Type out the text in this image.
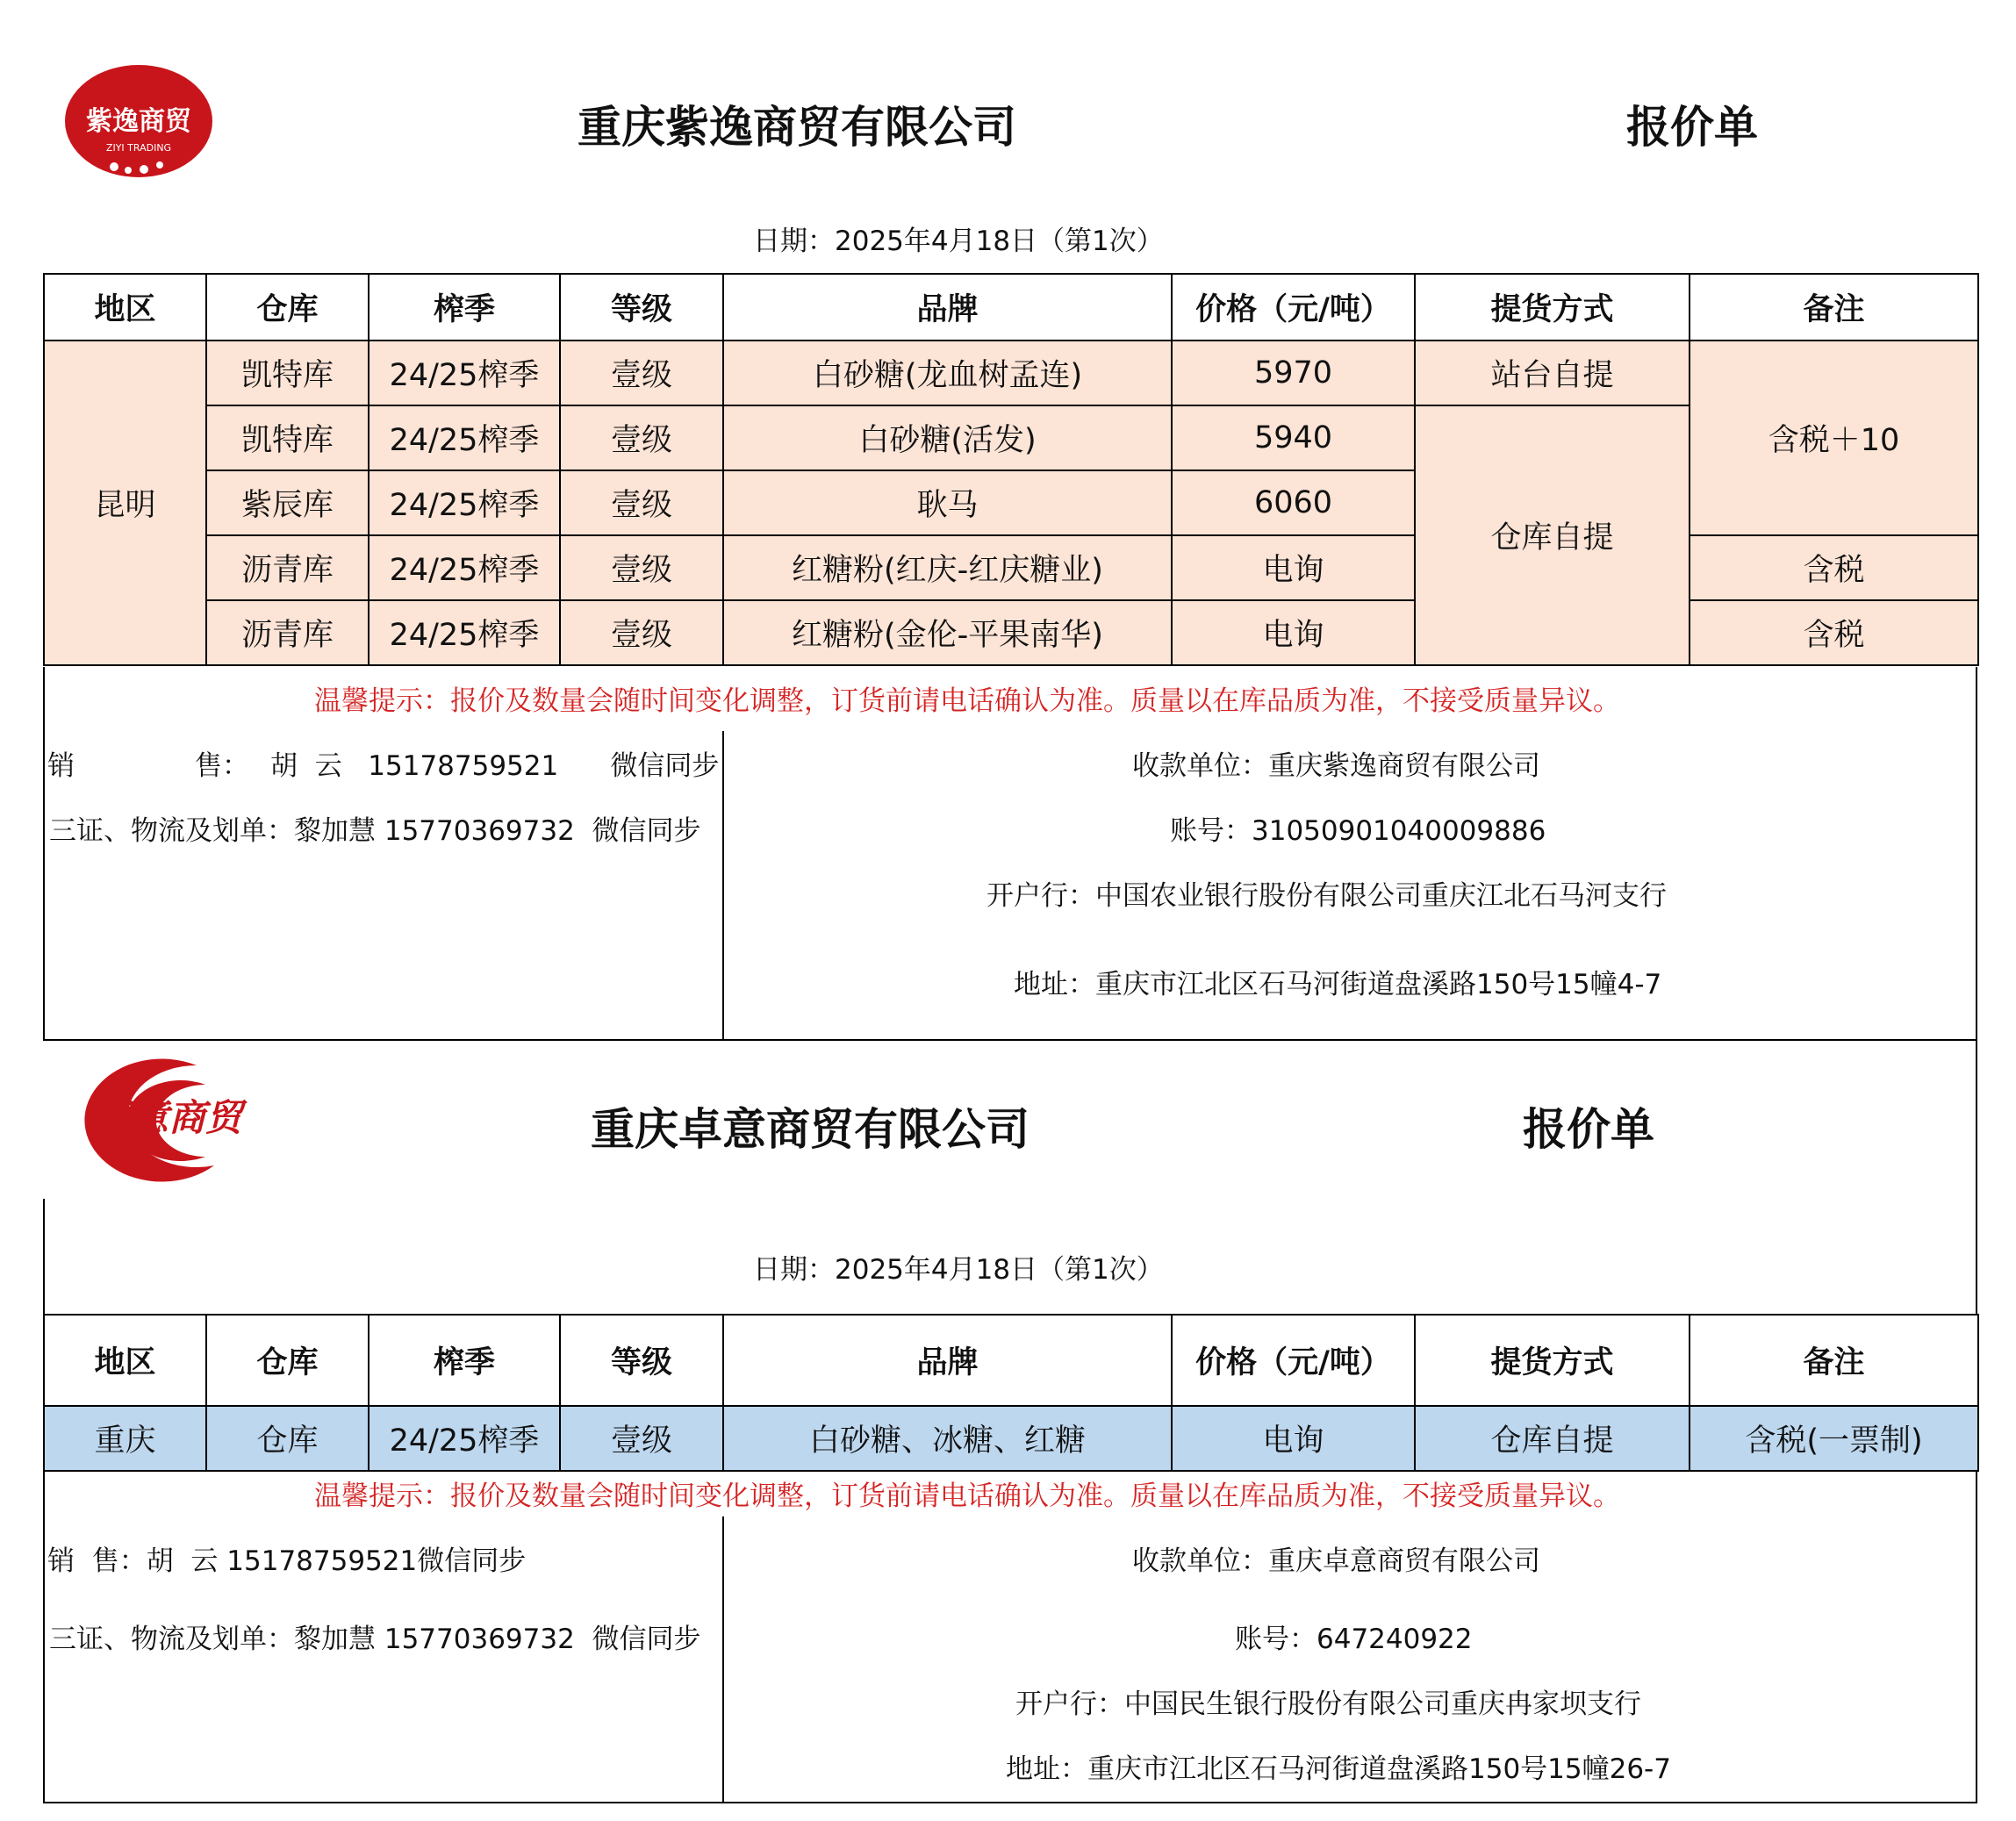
紫逸商贸
ZIYI TRADING	重庆紫逸商贸有限公司	报价单
日期：2025年4月18日（第1次）
地区	仓库	榨季	等级	品牌	价格（元/吨）	提货方式	备注
昆明	凯特库	24/25榨季	壹级	白砂糖(龙血树孟连)	5970	站台自提	含税＋10
	凯特库	24/25榨季	壹级	白砂糖(活发)	5940	仓库自提	
	紫辰库	24/25榨季	壹级	耿马	6060		
	沥青库	24/25榨季	壹级	红糖粉(红庆-红庆糖业)	电询		含税
	沥青库	24/25榨季	壹级	红糖粉(金伦-平果南华)	电询		含税
温馨提示：报价及数量会随时间变化调整，订货前请电话确认为准。质量以在库品质为准，不接受质量异议。
销	售： 胡  云   15178759521      微信同步
三证、物流及划单：黎加慧 15770369732  微信同步
收款单位：重庆紫逸商贸有限公司
账号：31050901040009886
开户行：中国农业银行股份有限公司重庆江北石马河支行
地址：重庆市江北区石马河街道盘溪路150号15幢4-7
卓意商贸	重庆卓意商贸有限公司	报价单
日期：2025年4月18日（第1次）
地区	仓库	榨季	等级	品牌	价格（元/吨）	提货方式	备注
重庆	仓库	24/25榨季	壹级	白砂糖、冰糖、红糖	电询	仓库自提	含税(一票制)
温馨提示：报价及数量会随时间变化调整，订货前请电话确认为准。质量以在库品质为准，不接受质量异议。
销  售：胡  云 15178759521微信同步
三证、物流及划单：黎加慧 15770369732  微信同步
收款单位：重庆卓意商贸有限公司
账号：647240922
开户行：中国民生银行股份有限公司重庆冉家坝支行
地址：重庆市江北区石马河街道盘溪路150号15幢26-7
